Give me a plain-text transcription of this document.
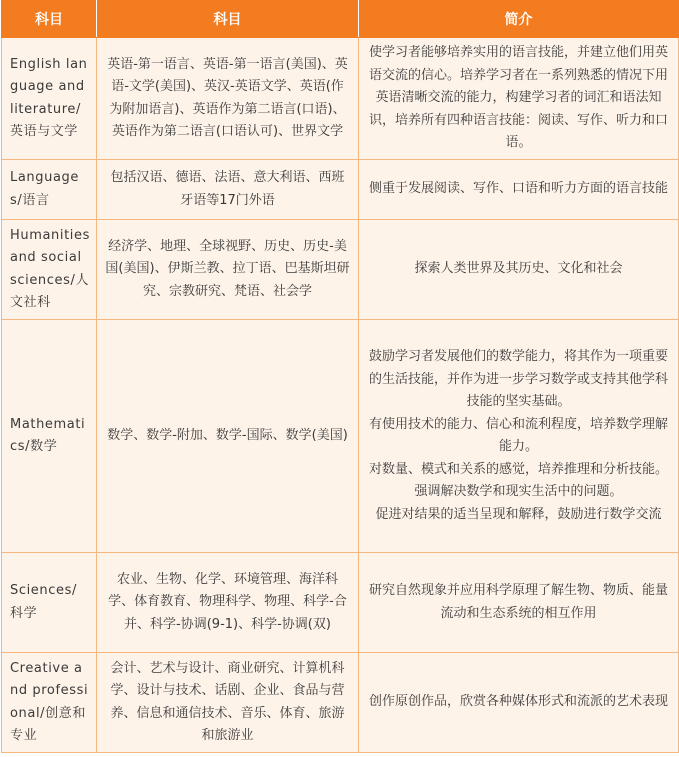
科目	科目	简介
English language and literature/英语与文学	英语-第一语言、英语-第一语言(美国)、英语-文学(美国)、英汉-英语文学、英语(作为附加语言)、英语作为第二语言(口语)、英语作为第二语言(口语认可)、世界文学	使学习者能够培养实用的语言技能，并建立他们用英语交流的信心。培养学习者在一系列熟悉的情况下用英语清晰交流的能力，构建学习者的词汇和语法知识，培养所有四种语言技能：阅读、写作、听力和口语。

Languages/语言	包括汉语、德语、法语、意大利语、西班牙语等17门外语	侧重于发展阅读、写作、口语和听力方面的语言技能

Humanities and social sciences/人文社科	经济学、地理、全球视野、历史、历史-美国(美国)、伊斯兰教、拉丁语、巴基斯坦研究、宗教研究、梵语、社会学	探索人类世界及其历史、文化和社会

Mathematics/数学	数学、数学-附加、数学-国际、数学(美国)	鼓励学习者发展他们的数学能力，将其作为一项重要的生活技能，并作为进一步学习数学或支持其他学科技能的坚实基础。
有使用技术的能力、信心和流利程度，培养数学理解能力。
对数量、模式和关系的感觉，培养推理和分析技能。
强调解决数学和现实生活中的问题。
促进对结果的适当呈现和解释，鼓励进行数学交流

Sciences/科学	农业、生物、化学、环境管理、海洋科学、体育教育、物理科学、物理、科学-合并、科学-协调(9-1)、科学-协调(双)	研究自然现象并应用科学原理了解生物、物质、能量流动和生态系统的相互作用

Creative and professional/创意和专业	会计、艺术与设计、商业研究、计算机科学、设计与技术、话剧、企业、食品与营养、信息和通信技术、音乐、体育、旅游和旅游业	创作原创作品，欣赏各种媒体形式和流派的艺术表现
